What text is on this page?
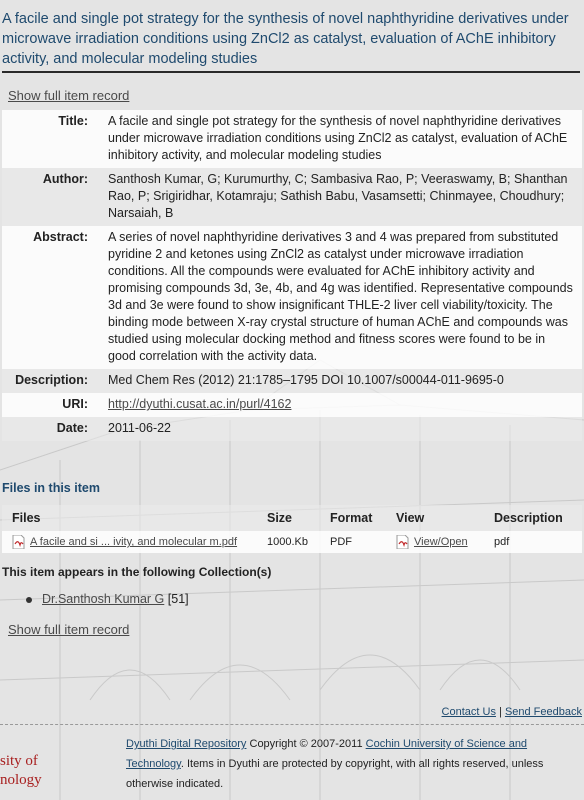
A facile and single pot strategy for the synthesis of novel naphthyridine derivatives under microwave irradiation conditions using ZnCl2 as catalyst, evaluation of AChE inhibitory activity, and molecular modeling studies
Show full item record
Title:	A facile and single pot strategy for the synthesis of novel naphthyridine derivatives under microwave irradiation conditions using ZnCl2 as catalyst, evaluation of AChE inhibitory activity, and molecular modeling studies
Author:	Santhosh Kumar, G; Kurumurthy, C; Sambasiva Rao, P; Veeraswamy, B; Shanthan Rao, P; Srigiridhar, Kotamraju; Sathish Babu, Vasamsetti; Chinmayee, Choudhury; Narsaiah, B
Abstract:	A series of novel naphthyridine derivatives 3 and 4 was prepared from substituted pyridine 2 and ketones using ZnCl2 as catalyst under microwave irradiation conditions. All the compounds were evaluated for AChE inhibitory activity and promising compounds 3d, 3e, 4b, and 4g was identified. Representative compounds 3d and 3e were found to show insignificant THLE-2 liver cell viability/toxicity. The binding mode between X-ray crystal structure of human AChE and compounds was studied using molecular docking method and fitness scores were found to be in good correlation with the activity data.
Description:	Med Chem Res (2012) 21:1785–1795 DOI 10.1007/s00044-011-9695-0
URI:	http://dyuthi.cusat.ac.in/purl/4162
Date:	2011-06-22
Files in this item
Files	Size	Format	View	Description
A facile and si ... ivity, and molecular m.pdf	1000.Kb	PDF	View/Open	pdf
This item appears in the following Collection(s)
Dr.Santhosh Kumar G [51]
Show full item record
Contact Us | Send Feedback
sity of
nology
Dyuthi Digital Repository Copyright © 2007-2011 Cochin University of Science and Technology. Items in Dyuthi are protected by copyright, with all rights reserved, unless otherwise indicated.
